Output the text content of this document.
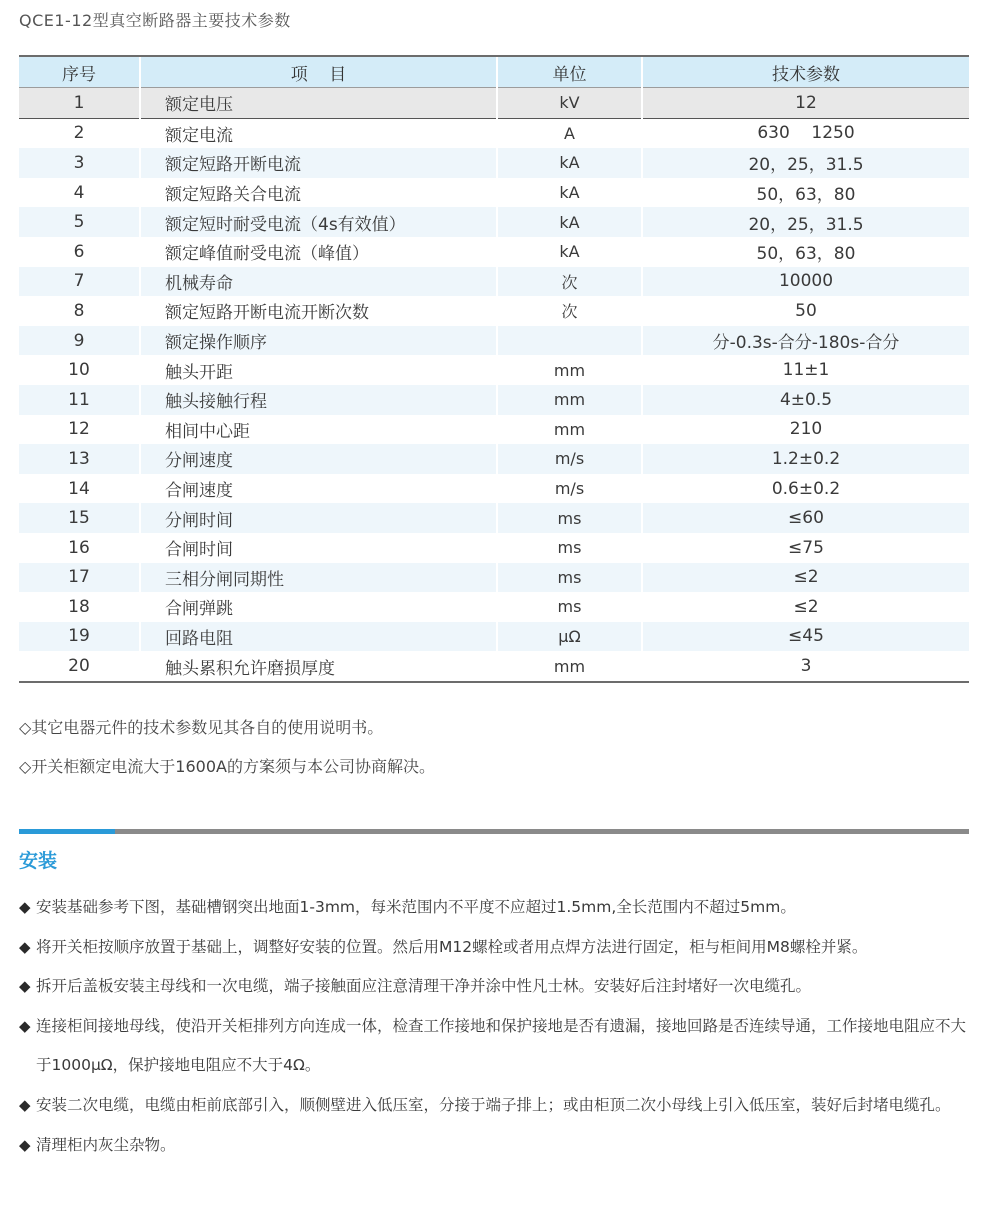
QCE1-12型真空断路器主要技术参数
序号	项    目	单位	技术参数
1	额定电压	kV	12
2	额定电流	A	630    1250
3	额定短路开断电流	kA	20，25，31.5
4	额定短路关合电流	kA	50，63，80
5	额定短时耐受电流（4s有效值）	kA	20，25，31.5
6	额定峰值耐受电流（峰值）	kA	50，63，80
7	机械寿命	次	10000
8	额定短路开断电流开断次数	次	50
9	额定操作顺序		分-0.3s-合分-180s-合分
10	触头开距	mm	11±1
11	触头接触行程	mm	4±0.5
12	相间中心距	mm	210
13	分闸速度	m/s	1.2±0.2
14	合闸速度	m/s	0.6±0.2
15	分闸时间	ms	≤60
16	合闸时间	ms	≤75
17	三相分闸同期性	ms	≤2
18	合闸弹跳	ms	≤2
19	回路电阻	μΩ	≤45
20	触头累积允许磨损厚度	mm	3
◇其它电器元件的技术参数见其各自的使用说明书。
◇开关柜额定电流大于1600A的方案须与本公司协商解决。
安装
◆ 安装基础参考下图，基础槽钢突出地面1-3mm，每米范围内不平度不应超过1.5mm,全长范围内不超过5mm。
◆ 将开关柜按顺序放置于基础上，调整好安装的位置。然后用M12螺栓或者用点焊方法进行固定，柜与柜间用M8螺栓并紧。
◆ 拆开后盖板安装主母线和一次电缆，端子接触面应注意清理干净并涂中性凡士林。安装好后注封堵好一次电缆孔。
◆ 连接柜间接地母线，使沿开关柜排列方向连成一体，检查工作接地和保护接地是否有遗漏，接地回路是否连续导通，工作接地电阻应不大于1000μΩ，保护接地电阻应不大于4Ω。
◆ 安装二次电缆，电缆由柜前底部引入，顺侧壁进入低压室，分接于端子排上；或由柜顶二次小母线上引入低压室，装好后封堵电缆孔。
◆ 清理柜内灰尘杂物。
